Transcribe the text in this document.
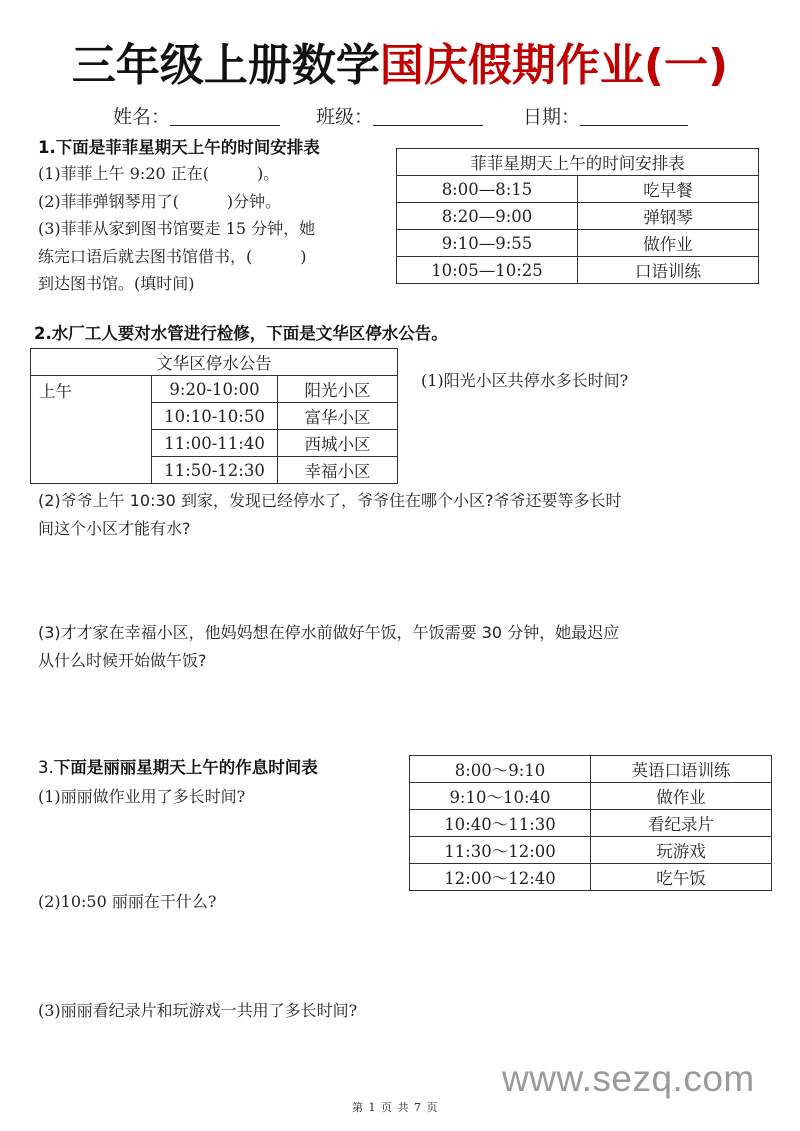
三年级上册数学国庆假期作业(一)
姓名：	班级：	日期：
1.下面是菲菲星期天上午的时间安排表
(1)菲菲上午 9:20 正在(　　　)。
(2)菲菲弹钢琴用了(　　　)分钟。
(3)菲菲从家到图书馆要走 15 分钟，她
练完口语后就去图书馆借书，(　　　)
到达图书馆。(填时间)
菲菲星期天上午的时间安排表	
8:00—8:15	吃早餐
8:20—9:00	弹钢琴
9:10—9:55	做作业
10:05—10:25	口语训练
2.水厂工人要对水管进行检修，下面是文华区停水公告。
文华区停水公告		
上午	9:20-10:00	阳光小区
	10:10-10:50	富华小区
	11:00-11:40	西城小区
	11:50-12:30	幸福小区
(1)阳光小区共停水多长时间?
(2)爷爷上午 10:30 到家，发现已经停水了，爷爷住在哪个小区?爷爷还要等多长时
间这个小区才能有水?
(3)才才家在幸福小区，他妈妈想在停水前做好午饭，午饭需要 30 分钟，她最迟应
从什么时候开始做午饭?
3.下面是丽丽星期天上午的作息时间表
(1)丽丽做作业用了多长时间?
8:00～9:10	英语口语训练
9:10～10:40	做作业
10:40～11:30	看纪录片
11:30～12:00	玩游戏
12:00～12:40	吃午饭
(2)10:50 丽丽在干什么?
(3)丽丽看纪录片和玩游戏一共用了多长时间?
www.sezq.com
第 1 页 共 7 页
